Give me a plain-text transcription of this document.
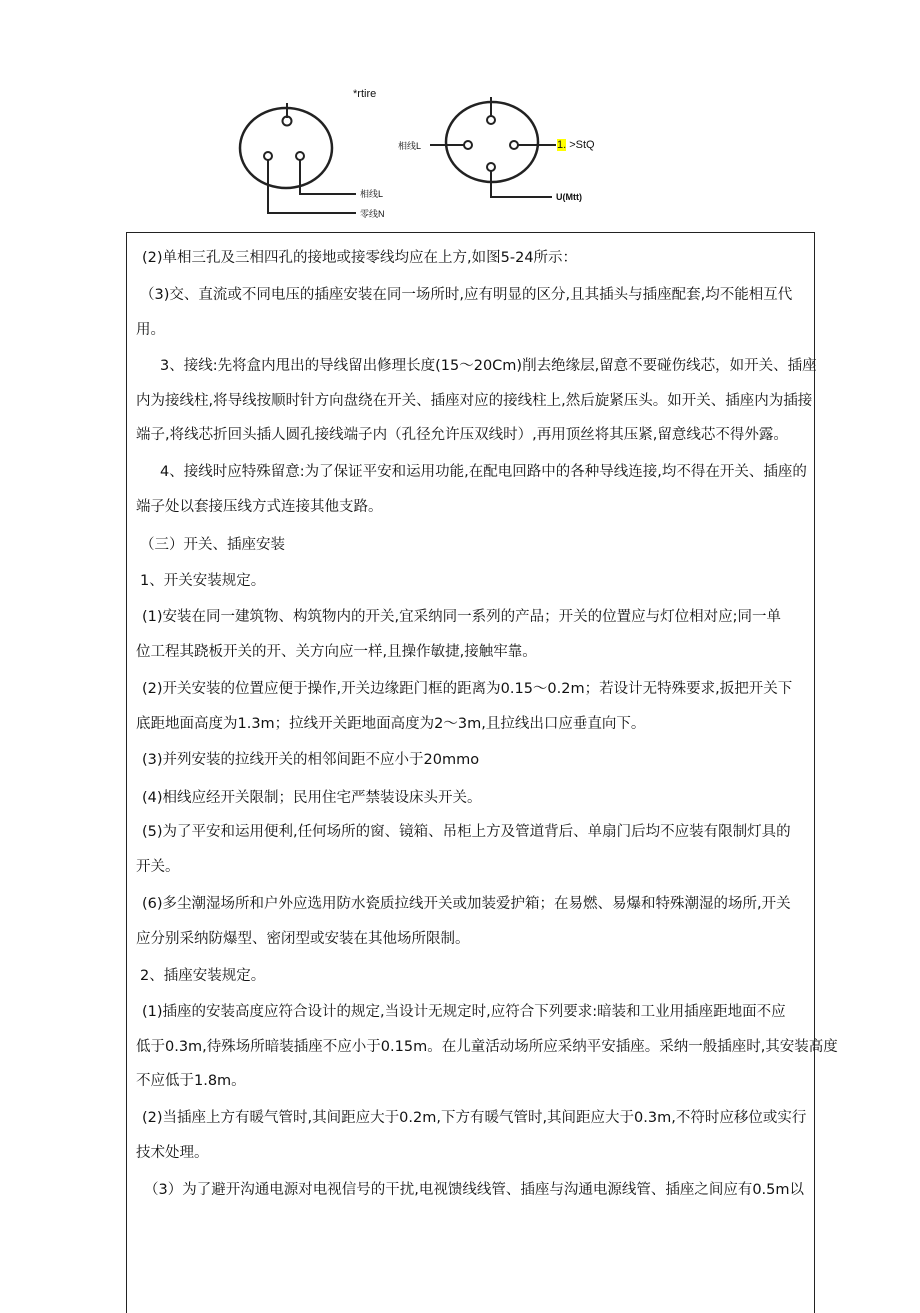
*rtire
相线L
零线N
相线L	1. >StQ
U(Mtt)
(2)单相三孔及三相四孔的接地或接零线均应在上方,如图5-24所示：
（3)交、直流或不同电压的插座安装在同一场所时,应有明显的区分,且其插头与插座配套,均不能相互代
用。
3、接线:先将盒内甩出的导线留出修理长度(15～20Cm)削去绝缘层,留意不要碰伤线芯，如开关、插座
内为接线柱,将导线按顺时针方向盘绕在开关、插座对应的接线柱上,然后旋紧压头。如开关、插座内为插接
端子,将线芯折回头插人圆孔接线端子内（孔径允许压双线时）,再用顶丝将其压紧,留意线芯不得外露。
4、接线时应特殊留意:为了保证平安和运用功能,在配电回路中的各种导线连接,均不得在开关、插座的
端子处以套接压线方式连接其他支路。
（三）开关、插座安装
1、开关安装规定。
(1)安装在同一建筑物、构筑物内的开关,宜采纳同一系列的产品；开关的位置应与灯位相对应;同一单
位工程其跷板开关的开、关方向应一样,且操作敏捷,接触牢靠。
(2)开关安装的位置应便于操作,开关边缘距门框的距离为0.15～0.2m；若设计无特殊要求,扳把开关下
底距地面高度为1.3m；拉线开关距地面高度为2～3m,且拉线出口应垂直向下。
(3)并列安装的拉线开关的相邻间距不应小于20mmo
(4)相线应经开关限制；民用住宅严禁装设床头开关。
(5)为了平安和运用便利,任何场所的窗、镜箱、吊柜上方及管道背后、单扇门后均不应装有限制灯具的
开关。
(6)多尘潮湿场所和户外应选用防水瓷质拉线开关或加装爱护箱；在易燃、易爆和特殊潮湿的场所,开关
应分别采纳防爆型、密闭型或安装在其他场所限制。
2、插座安装规定。
(1)插座的安装高度应符合设计的规定,当设计无规定时,应符合下列要求:暗装和工业用插座距地面不应
低于0.3m,待殊场所暗装插座不应小于0.15m。在儿童活动场所应采纳平安插座。采纳一般插座时,其安装高度
不应低于1.8m。
(2)当插座上方有暖气管时,其间距应大于0.2m,下方有暖气管时,其间距应大于0.3m,不符时应移位或实行
技术处理。
（3）为了避开沟通电源对电视信号的干扰,电视馈线线管、插座与沟通电源线管、插座之间应有0.5m以
